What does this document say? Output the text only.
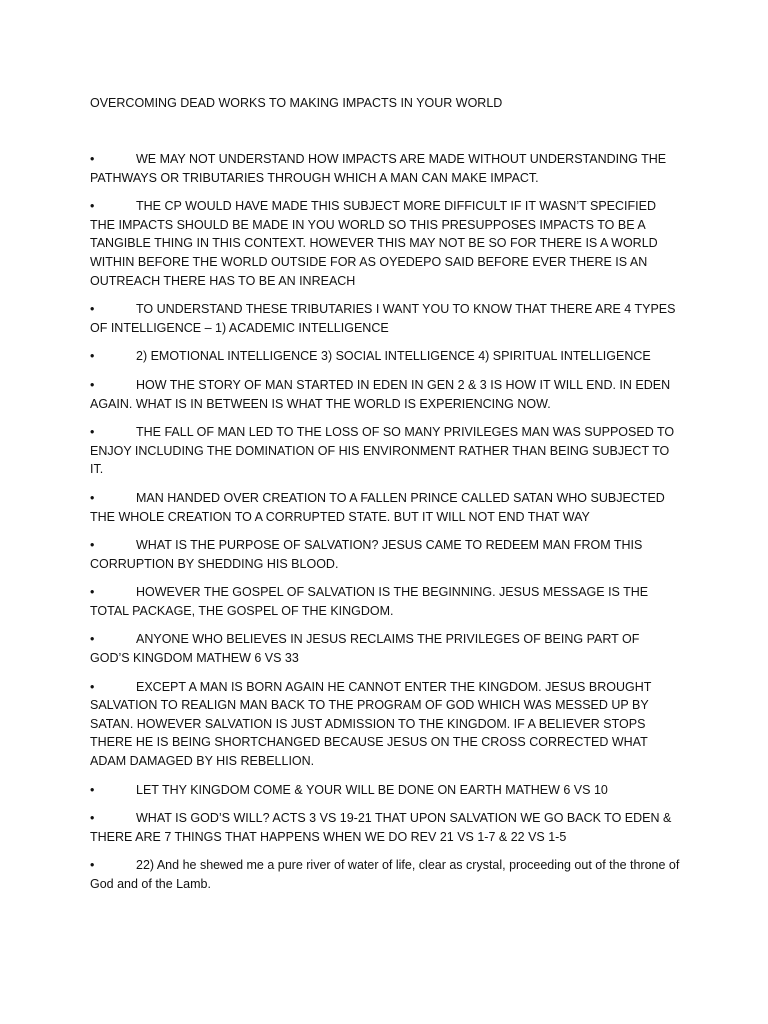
OVERCOMING DEAD WORKS TO MAKING IMPACTS IN YOUR WORLD
•	WE MAY NOT UNDERSTAND HOW IMPACTS ARE MADE WITHOUT UNDERSTANDING THE PATHWAYS OR TRIBUTARIES THROUGH WHICH A MAN CAN MAKE IMPACT.
•	THE CP WOULD HAVE MADE THIS SUBJECT MORE DIFFICULT IF IT WASN’T SPECIFIED THE IMPACTS SHOULD BE MADE IN YOU WORLD SO THIS PRESUPPOSES IMPACTS TO BE A TANGIBLE THING IN THIS CONTEXT. HOWEVER THIS MAY NOT BE SO FOR THERE IS A WORLD WITHIN BEFORE THE WORLD OUTSIDE FOR AS OYEDEPO SAID BEFORE EVER THERE IS AN OUTREACH THERE HAS TO BE AN INREACH
•	TO UNDERSTAND THESE TRIBUTARIES I WANT YOU TO KNOW THAT THERE ARE 4 TYPES OF INTELLIGENCE – 1) ACADEMIC INTELLIGENCE
•	2) EMOTIONAL INTELLIGENCE 3) SOCIAL INTELLIGENCE 4) SPIRITUAL INTELLIGENCE
•	HOW THE STORY OF MAN STARTED IN EDEN IN GEN 2 & 3 IS HOW IT WILL END. IN EDEN AGAIN. WHAT IS IN BETWEEN IS WHAT THE WORLD IS EXPERIENCING NOW.
•	THE FALL OF MAN LED TO THE LOSS OF SO MANY PRIVILEGES MAN WAS SUPPOSED TO ENJOY INCLUDING THE DOMINATION OF HIS ENVIRONMENT RATHER THAN BEING SUBJECT TO IT.
•	MAN HANDED OVER CREATION TO A FALLEN PRINCE CALLED SATAN WHO SUBJECTED THE WHOLE CREATION TO A CORRUPTED STATE. BUT IT WILL NOT END THAT WAY
•	WHAT IS THE PURPOSE OF SALVATION? JESUS CAME TO REDEEM MAN FROM THIS CORRUPTION BY SHEDDING HIS BLOOD.
•	HOWEVER THE GOSPEL OF SALVATION IS THE BEGINNING. JESUS MESSAGE IS THE TOTAL PACKAGE, THE GOSPEL OF THE KINGDOM.
•	ANYONE WHO BELIEVES IN JESUS RECLAIMS THE PRIVILEGES OF BEING PART OF GOD’S KINGDOM MATHEW 6 VS 33
•	EXCEPT A MAN IS BORN AGAIN HE CANNOT ENTER THE KINGDOM. JESUS BROUGHT SALVATION TO REALIGN MAN BACK TO THE PROGRAM OF GOD WHICH WAS MESSED UP BY SATAN. HOWEVER SALVATION IS JUST ADMISSION TO THE KINGDOM. IF A BELIEVER STOPS THERE HE IS BEING SHORTCHANGED BECAUSE JESUS ON THE CROSS CORRECTED WHAT ADAM DAMAGED BY HIS REBELLION.
•	LET THY KINGDOM COME & YOUR WILL BE DONE ON EARTH MATHEW 6 VS 10
•	WHAT IS GOD’S WILL? ACTS 3 VS 19-21 THAT UPON SALVATION WE GO BACK TO EDEN & THERE ARE 7 THINGS THAT HAPPENS WHEN WE DO REV 21 VS 1-7 & 22 VS 1-5
•	22) And he shewed me a pure river of water of life, clear as crystal, proceeding out of the throne of God and of the Lamb.
